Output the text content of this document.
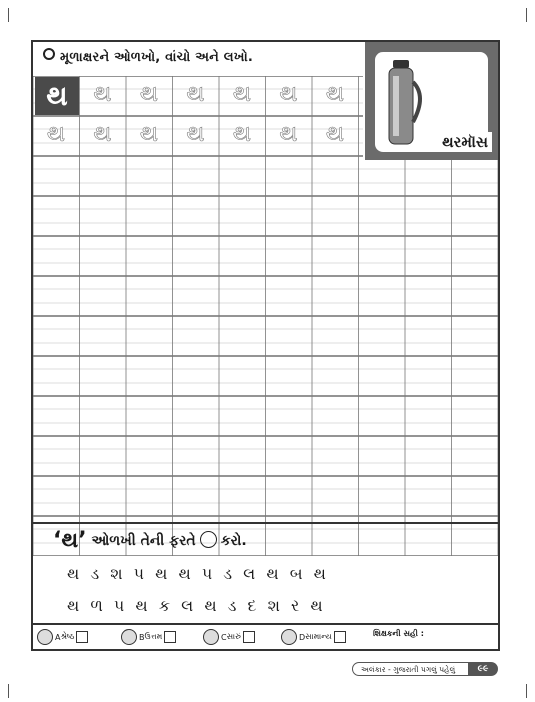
મૂળાક્ષરને ઓળખો, વાંચો અને લખો.
થ	થ	થ	થ	થ	થ	થ
થ	થ	થ	થ	થ	થ	થ	થરમૉસ
‘થ’ ઓળખી તેની ફરતે કરો.
થ ડ શ પ થ થ પ ડ લ થ બ થ
થ ળ પ થ ક લ થ ડ દ શ ર થ
A શ્રેષ્ઠ	B ઉત્તમ	C સારું	D સામાન્ય	શિક્ષકની સહી :
અલંકાર - ગુજરાતી પગલું પહેલું	૯૯
